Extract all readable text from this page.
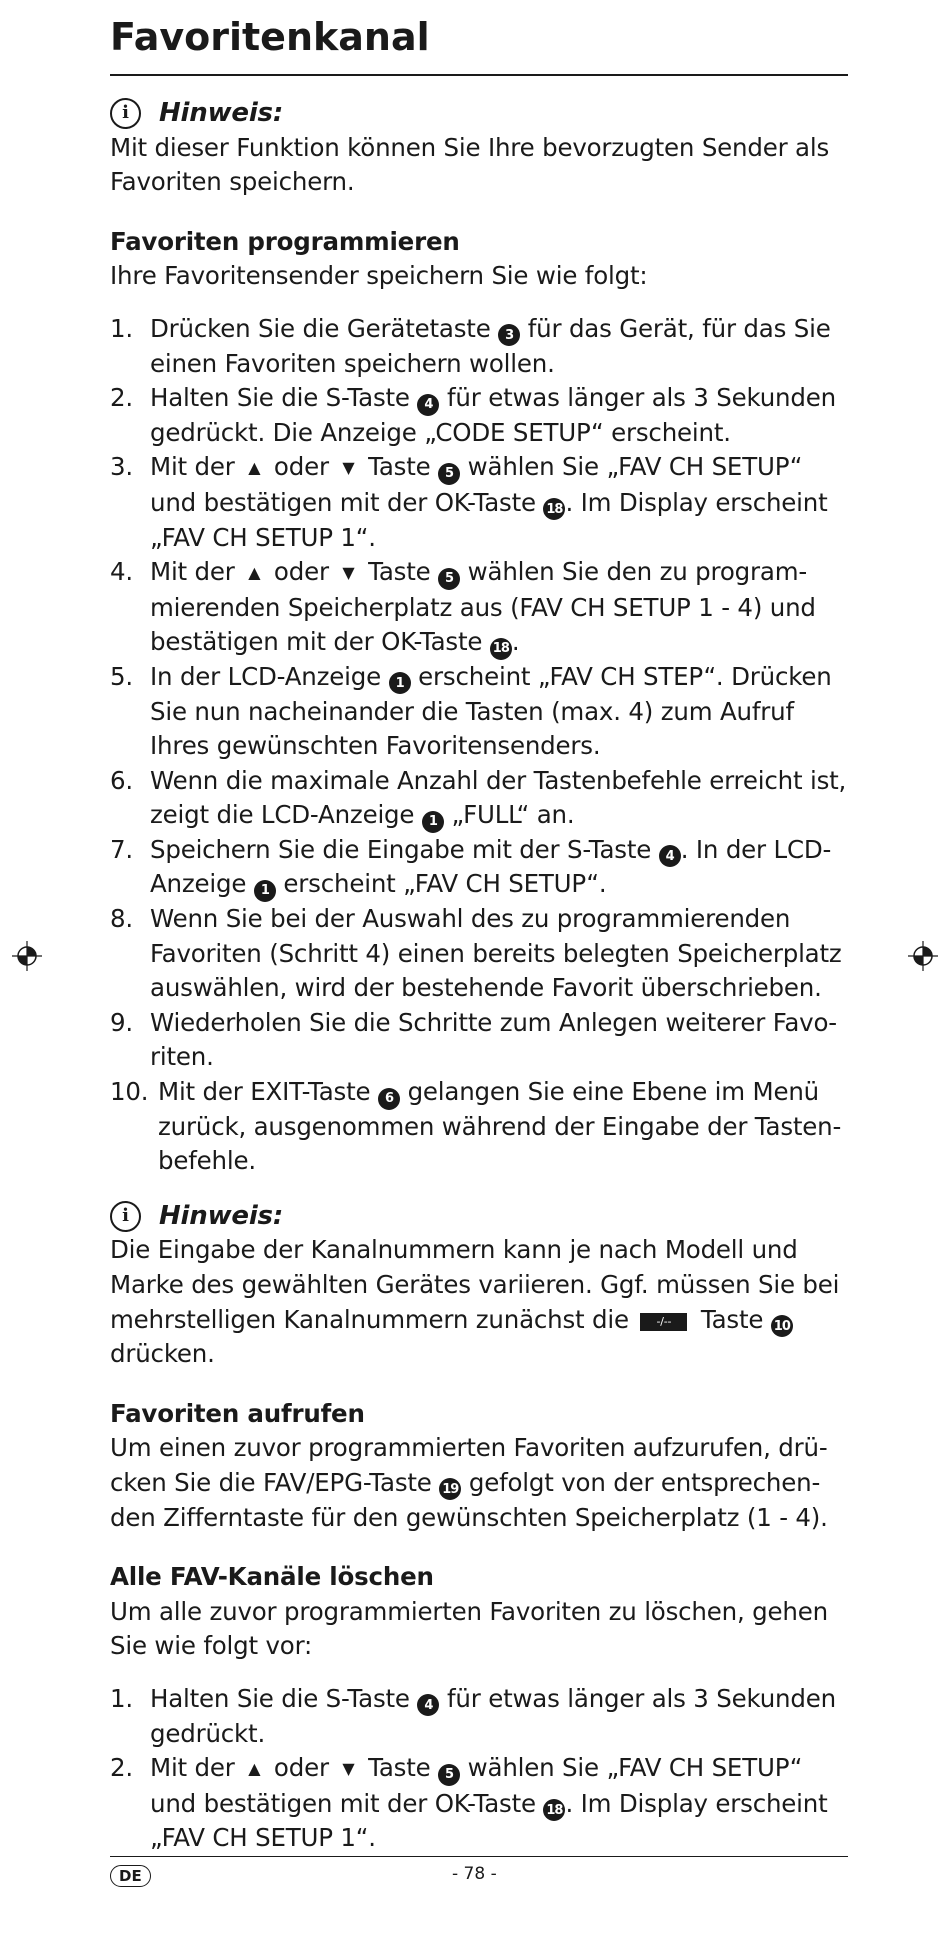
Favoritenkanal
i	Hinweis:

Mit dieser Funktion können Sie Ihre bevorzugten Sender als Favoriten speichern.

Favoriten programmieren

Ihre Favoritensender speichern Sie wie folgt:

1. Drücken Sie die Gerätetaste 3 für das Gerät, für das Sie einen Favoriten speichern wollen.
2. Halten Sie die S-Taste 4 für etwas länger als 3 Sekunden gedrückt. Die Anzeige „CODE SETUP“ erscheint.
3. Mit der ▲ oder ▼ Taste 5 wählen Sie „FAV CH SETUP“ und bestätigen mit der OK-Taste 18 . Im Display erscheint „FAV CH SETUP 1“.
4. Mit der ▲ oder ▼ Taste 5 wählen Sie den zu programmierenden Speicherplatz aus (FAV CH SETUP 1 - 4) und bestätigen mit der OK-Taste 18 .
5. In der LCD-Anzeige 1 erscheint „FAV CH STEP“. Drücken Sie nun nacheinander die Tasten (max. 4) zum Aufruf Ihres gewünschten Favoritensenders.
6. Wenn die maximale Anzahl der Tastenbefehle erreicht ist, zeigt die LCD-Anzeige 1 „FULL“ an.
7. Speichern Sie die Eingabe mit der S-Taste 4 . In der LCD-Anzeige 1 erscheint „FAV CH SETUP“.
8. Wenn Sie bei der Auswahl des zu programmierenden Favoriten (Schritt 4) einen bereits belegten Speicherplatz auswählen, wird der bestehende Favorit überschrieben.
9. Wiederholen Sie die Schritte zum Anlegen weiterer Favoriten.
10. Mit der EXIT-Taste 6 gelangen Sie eine Ebene im Menü zurück, ausgenommen während der Eingabe der Tastenbefehle.
i	Hinweis:

Die Eingabe der Kanalnummern kann je nach Modell und Marke des gewählten Gerätes variieren. Ggf. müssen Sie bei mehrstelligen Kanalnummern zunächst die -/-- Taste 10 drücken.

Favoriten aufrufen

Um einen zuvor programmierten Favoriten aufzurufen, drücken Sie die FAV/EPG-Taste 19 gefolgt von der entsprechenden Zifferntaste für den gewünschten Speicherplatz (1 - 4).

Alle FAV-Kanäle löschen

Um alle zuvor programmierten Favoriten zu löschen, gehen Sie wie folgt vor:

1. Halten Sie die S-Taste 4 für etwas länger als 3 Sekunden gedrückt.
2. Mit der ▲ oder ▼ Taste 5 wählen Sie „FAV CH SETUP“ und bestätigen mit der OK-Taste 18 . Im Display erscheint „FAV CH SETUP 1“.
DE	- 78 -
